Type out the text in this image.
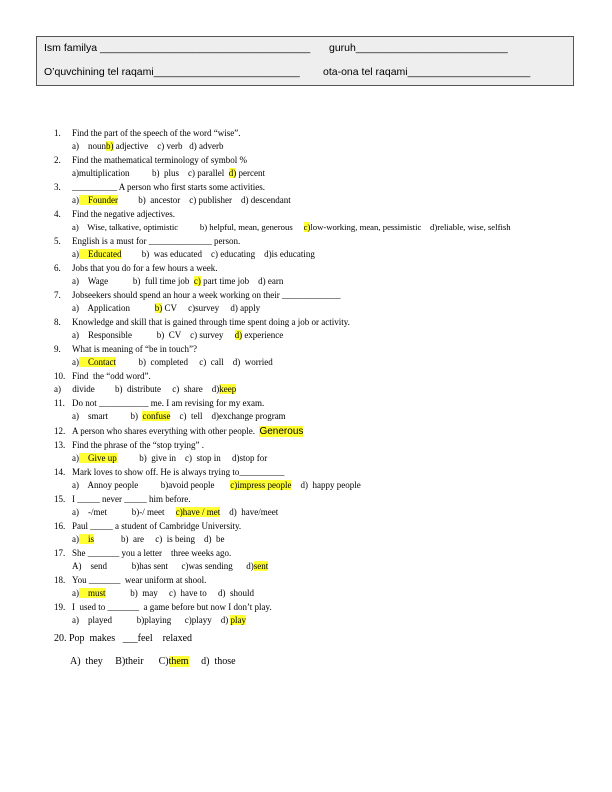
Ism familya ____________________________________ guruh__________________________
O’quvchining tel raqami_________________________ ota-ona tel raqami_____________________
1. Find the part of the speech of the word “wise”.
a)    nounb) adjective    c) verb   d) adverb
2. Find the mathematical terminology of symbol %
a)multiplication          b)  plus    c) parallel  d) percent
3. __________ A person who first starts some activities.
a)    Founder         b)  ancestor    c) publisher    d) descendant
4. Find the negative adjectives.
a)    Wise, talkative, optimistic          b) helpful, mean, generous     c)low-working, mean, pessimistic    d)reliable, wise, selfish
5. English is a must for ______________ person.
a)    Educated         b)  was educated    c) educating    d)is educating
6. Jobs that you do for a few hours a week.
a)    Wage           b)  full time job  c) part time job    d) earn
7. Jobseekers should spend an hour a week working on their _____________
a)    Application           b) CV     c)survey     d) apply
8. Knowledge and skill that is gained through time spent doing a job or activity.
a)    Responsible           b)  CV    c) survey     d) experience
9. What is meaning of “be in touch”?
a)    Contact          b)  completed     c)  call    d)  worried
10. Find  the “odd word”.
a)     divide         b)  distribute     c)  share    d)keep
11. Do not ___________ me. I am revising for my exam.
a)    smart          b)  confuse    c)  tell    d)exchange program
12. A person who shares everything with other people. Generous
13. Find the phrase of the “stop trying” .
a)    Give up          b)  give in    c)  stop in     d)stop for
14. Mark loves to show off. He is always trying to__________
a)    Annoy people          b)avoid people       c)impress people    d)  happy people
15. I _____ never _____ him before.
a)    -/met           b)-/ meet     c)have / met    d)  have/meet
16. Paul _____ a student of Cambridge University.
a)    is            b)  are     c)  is being    d)  be
17. She _______ you a letter    three weeks ago.
A)    send           b)has sent      c)was sending      d)sent
18. You _______  wear uniform at shool.
a)    must           b)  may     c)  have to     d)  should
19. I  used to _______  a game before but now I don’t play.
a)    played           b)playing      c)playy    d) play
20. Pop  makes   ___feel    relaxed
A)  they     B)their      C)them     d)  those
